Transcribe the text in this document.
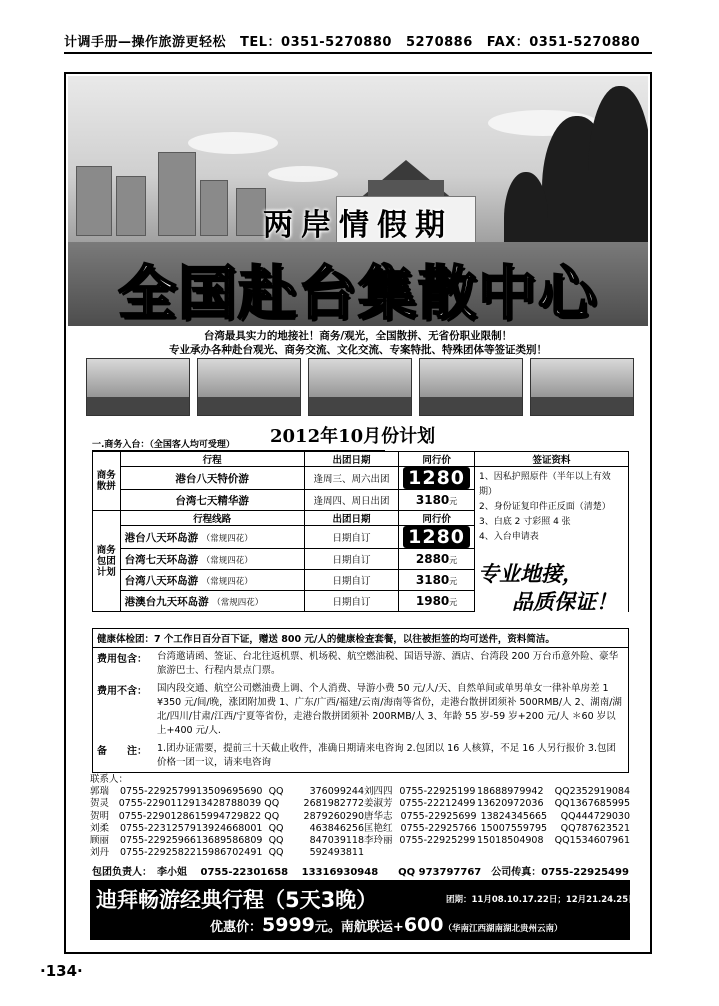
计调手册—操作旅游更轻松 TEL：0351-5270880 5270886 FAX：0351-5270880
两岸情假期
全国赴台集散中心
台湾最具实力的地接社！商务/观光，全国散拼、无省份职业限制！
专业承办各种赴台观光、商务交流、文化交流、专案特批、特殊团体等签证类别！
2012年10月份计划
一.商务入台：（全国客人均可受理）
商务散拼	行程	出团日期	同行价	签证资料
	港台八天特价游	逢周三、周六出团	1280	1、因私护照原件（半年以上有效期）
2、身份证复印件正反面（清楚）
3、白底 2 寸彩照 4 张
4、入台申请表

	台湾七天精华游	逢周四、周日出团	3180元	
商务包团计划	行程线路	出团日期	同行价	
	港台八天环岛游 （常规四花）	日期自订	1280	
	台湾七天环岛游 （常规四花）	日期自订	2880元	
	台湾八天环岛游 （常规四花）	日期自订	3180元	
	港澳台九天环岛游 （常规四花）	日期自订	1980元	
专业地接，
品质保证！
健康体检团：7 个工作日百分百下证，赠送 800 元/人的健康检查套餐，以往被拒签的均可送件，资料简洁。
费用包含：	台湾邀请函、签证、台北往返机票、机场税、航空燃油税、国语导游、酒店、台湾段 200 万台币意外险、豪华旅游巴士、行程内景点门票。
费用不含：	国内段交通、航空公司燃油费上调、个人消费、导游小费 50 元/人/天、自然单间或单男单女一律补单房差 1 ¥350 元/间/晚，涨团附加费 1、广东/广西/福建/云南/海南等省份，走港台散拼团须补 500RMB/人 2、湖南/湖北/四川/甘肃/江西/宁夏等省份，走港台散拼团须补 200RMB/人 3、年龄 55 岁-59 岁+200 元/人 ＊60 岁以上+400 元/人.
备　　注：	1.团办证需要，提前三十天截止收件，准确日期请来电咨询 2.包团以 16 人核算，不足 16 人另行报价 3.包团价格一团一议，请来电咨询
联系人：
郭瑞	0755-22925799 13509695690 QQ	376099244
贺灵	0755-22901129 13428788039 QQ	2681982772
贺明	0755-22901286 15994729822 QQ	2879260290
刘柔	0755-22312579 13924668001 QQ	463846256
顾丽	0755-22925966 13689586809 QQ	847039118
刘丹	0755-22925822 15986702491 QQ	592493811
刘四四 0755-22925199 18688979942	QQ2352919084
姜淑芳 0755-22212499 13620972036	QQ1367685995
唐华志 0755-22925699 13824345665	QQ444729030
匡艳红 0755-22925766 15007559795	QQ787623521
李玲丽 0755-22925299 15018504908	QQ1534607961
包团负责人：　李小姐　 0755-22301658　 13316930948　　QQ 973797767　公司传真：0755-22925499
迪拜畅游经典行程（5天3晚）	团期：11月08.10.17.22日；12月21.24.25日；
优惠价：5999元。南航联运+600（华南江西湖南湖北贵州云南）
·134·
